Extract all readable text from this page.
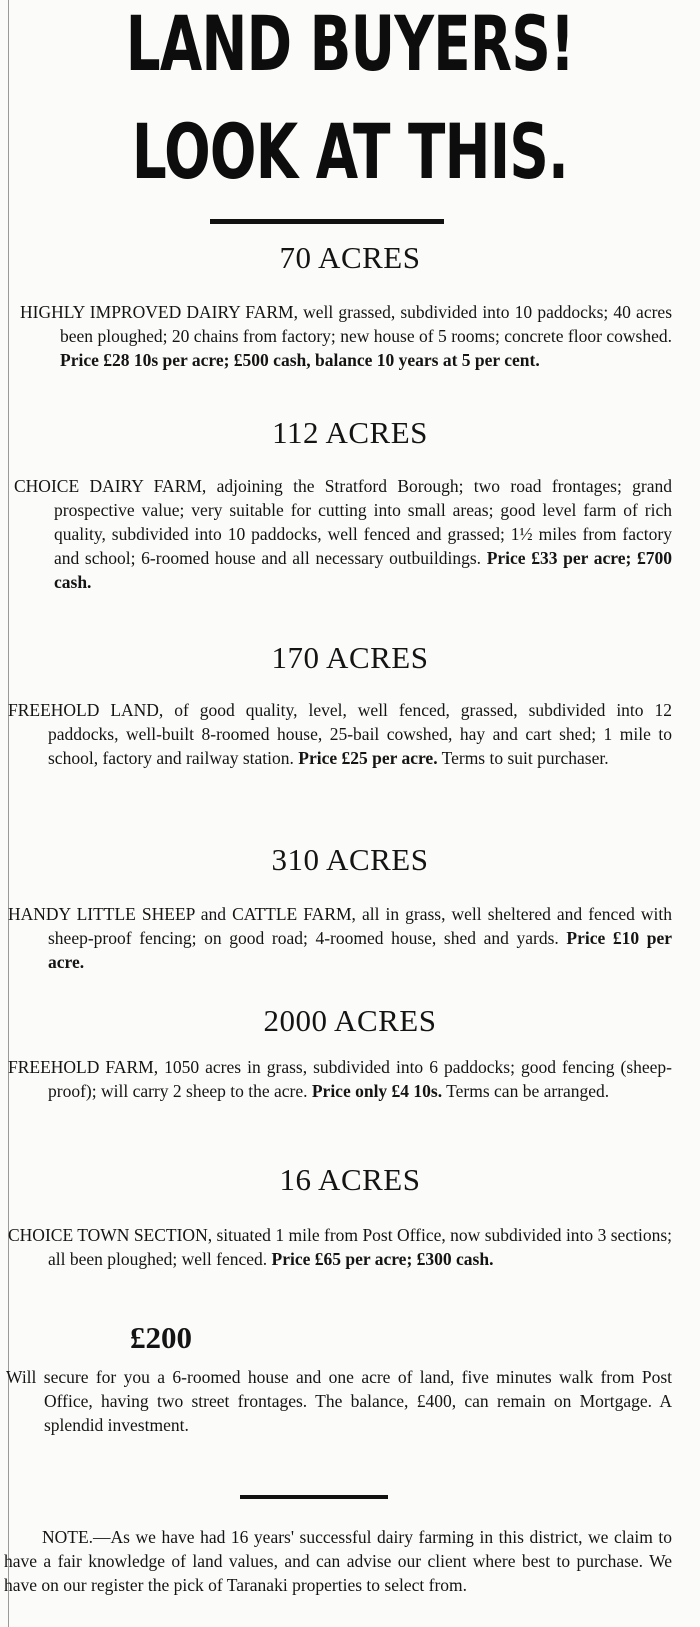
LAND BUYERS!
LOOK AT THIS.
70 ACRES
HIGHLY IMPROVED DAIRY FARM, well grassed, subdivided into 10 paddocks; 40 acres been ploughed; 20 chains from factory; new house of 5 rooms; concrete floor cowshed. Price £28 10s per acre; £500 cash, balance 10 years at 5 per cent.
112 ACRES
CHOICE DAIRY FARM, adjoining the Stratford Borough; two road frontages; grand prospective value; very suitable for cutting into small areas; good level farm of rich quality, subdivided into 10 paddocks, well fenced and grassed; 1½ miles from factory and school; 6-roomed house and all necessary outbuildings. Price £33 per acre; £700 cash.
170 ACRES
FREEHOLD LAND, of good quality, level, well fenced, grassed, subdivided into 12 paddocks, well-built 8-roomed house, 25-bail cowshed, hay and cart shed; 1 mile to school, factory and railway station. Price £25 per acre. Terms to suit purchaser.
310 ACRES
HANDY LITTLE SHEEP and CATTLE FARM, all in grass, well sheltered and fenced with sheep-proof fencing; on good road; 4-roomed house, shed and yards. Price £10 per acre.
2000 ACRES
FREEHOLD FARM, 1050 acres in grass, subdivided into 6 paddocks; good fencing (sheep-proof); will carry 2 sheep to the acre. Price only £4 10s. Terms can be arranged.
16 ACRES
CHOICE TOWN SECTION, situated 1 mile from Post Office, now subdivided into 3 sections; all been ploughed; well fenced. Price £65 per acre; £300 cash.
£200
Will secure for you a 6-roomed house and one acre of land, five minutes walk from Post Office, having two street frontages. The balance, £400, can remain on Mortgage. A splendid investment.
NOTE.—As we have had 16 years' successful dairy farming in this district, we claim to have a fair knowledge of land values, and can advise our client where best to purchase. We have on our register the pick of Taranaki properties to select from.
